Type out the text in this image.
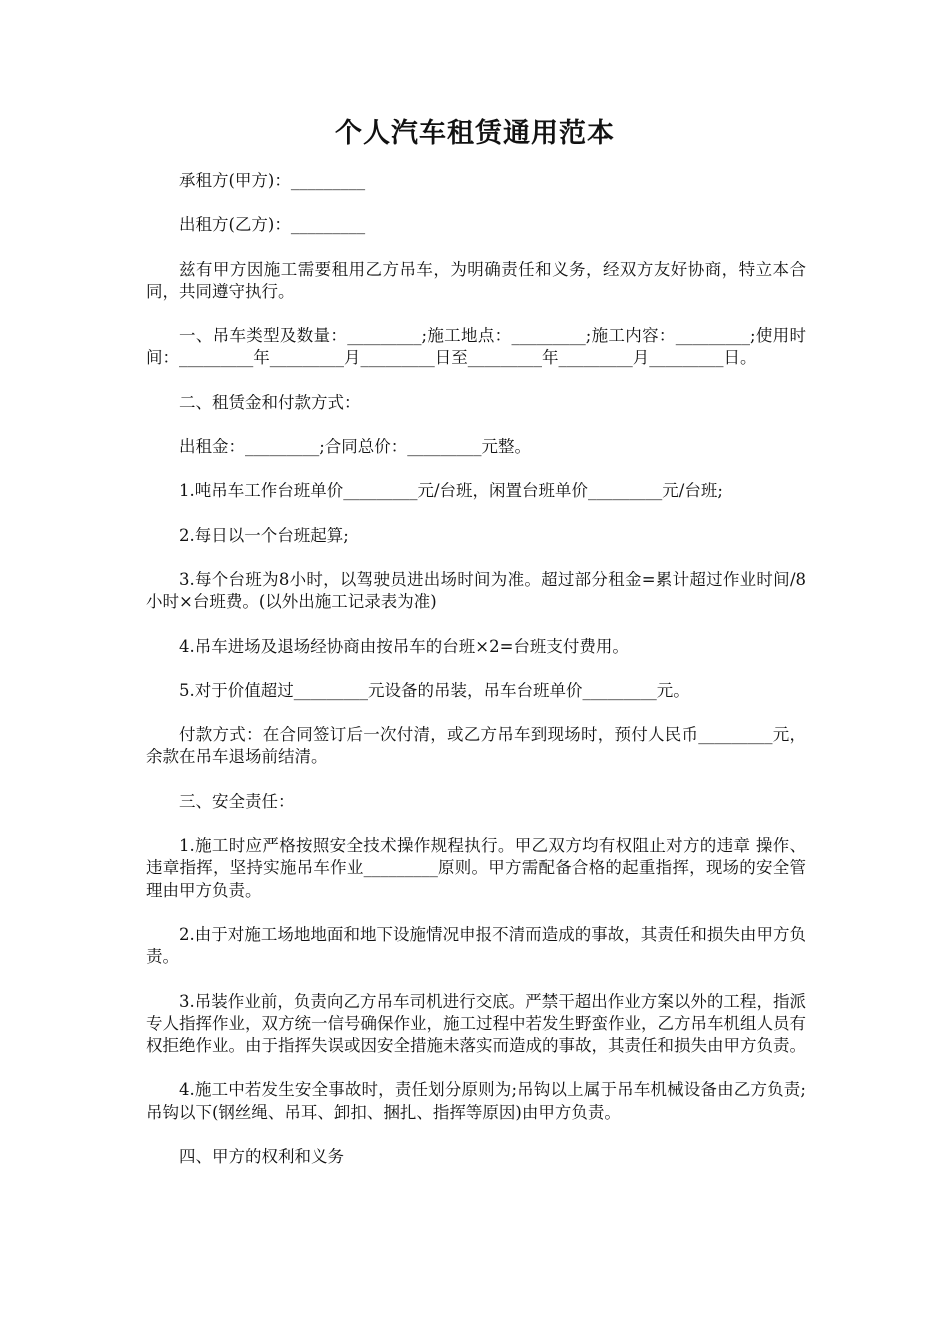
个人汽车租赁通用范本

承租方(甲方)：_________

出租方(乙方)：_________

兹有甲方因施工需要租用乙方吊车，为明确责任和义务，经双方友好协商，特立本合同，共同遵守执行。

一、吊车类型及数量：_________;施工地点：_________;施工内容：_________;使用时间：_________年_________月_________日至_________年_________月_________日。

二、租赁金和付款方式：

出租金：_________;合同总价：_________元整。

1.吨吊车工作台班单价_________元/台班，闲置台班单价_________元/台班;

2.每日以一个台班起算;

3.每个台班为8小时，以驾驶员进出场时间为准。超过部分租金=累计超过作业时间/8小时×台班费。(以外出施工记录表为准)

4.吊车进场及退场经协商由按吊车的台班×2=台班支付费用。

5.对于价值超过_________元设备的吊装，吊车台班单价_________元。

付款方式：在合同签订后一次付清，或乙方吊车到现场时，预付人民币_________元，余款在吊车退场前结清。

三、安全责任：

1.施工时应严格按照安全技术操作规程执行。甲乙双方均有权阻止对方的违章 操作、违章指挥，坚持实施吊车作业_________原则。甲方需配备合格的起重指挥，现场的安全管理由甲方负责。

2.由于对施工场地地面和地下设施情况申报不清而造成的事故，其责任和损失由甲方负责。

3.吊装作业前，负责向乙方吊车司机进行交底。严禁干超出作业方案以外的工程，指派专人指挥作业，双方统一信号确保作业，施工过程中若发生野蛮作业，乙方吊车机组人员有权拒绝作业。由于指挥失误或因安全措施未落实而造成的事故，其责任和损失由甲方负责。

4.施工中若发生安全事故时，责任划分原则为;吊钩以上属于吊车机械设备由乙方负责;吊钩以下(钢丝绳、吊耳、卸扣、捆扎、指挥等原因)由甲方负责。

四、甲方的权利和义务
